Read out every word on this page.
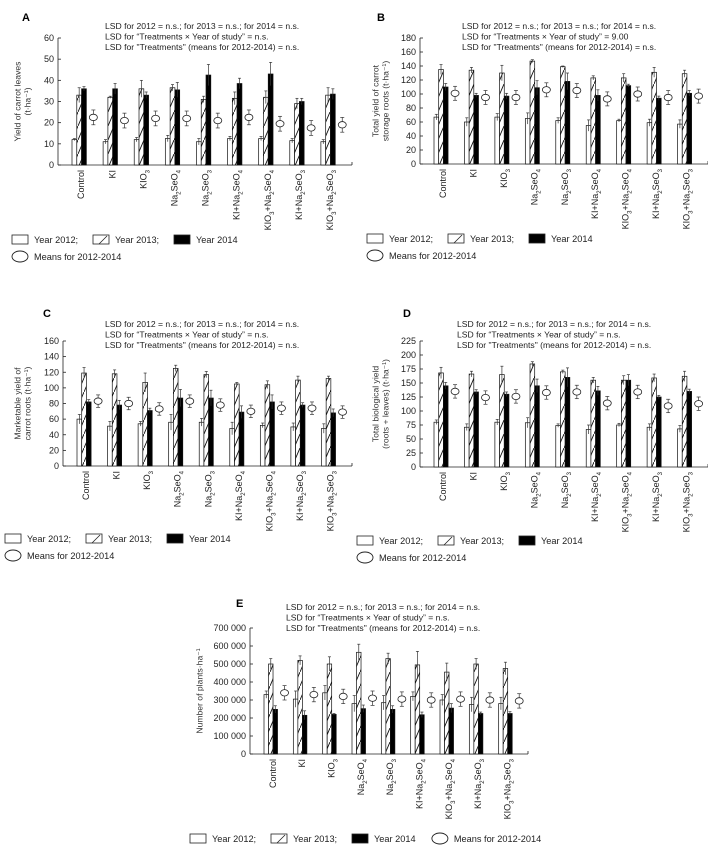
A
LSD for 2012 = n.s.; for 2013 = n.s.; for 2014 = n.s.
LSD for “Treatments × Year of study” = n.s.
LSD for "Treatments" (means for 2012-2014) = n.s.
0
10
20
30
40
50
60
Yield of carrot leaves (t·ha⁻¹)
Control KI $KIO_3$
$Na_2SeO_4$
$Na_2SeO_3$
$KI+Na_2SeO_4$
$KIO_3+Na_2SeO_4$
$KI+Na_2SeO_3$
$KIO_3+Na_2SeO_3$
Year 2012;	Year 2013;	Year 2014
Means for 2012-2014
B
LSD for 2012 = n.s.; for 2013 = n.s.; for 2014 = n.s.
LSD for “Treatments × Year of study” = 9.00
LSD for "Treatments" (means for 2012-2014) = n.s.
0
20
40
60
80
100
120
140
160
180
Total yield of carrot storage roots (t·ha⁻¹)
Control KI $KIO_3$
$Na_2SeO_4$
$Na_2SeO_3$
$KI+Na_2SeO_4$
$KIO_3+Na_2SeO_4$
$KI+Na_2SeO_3$
$KIO_3+Na_2SeO_3$
Year 2012;	Year 2013;	Year 2014
Means for 2012-2014
C
LSD for 2012 = n.s.; for 2013 = n.s.; for 2014 = n.s.
LSD for “Treatments × Year of study” = n.s.
LSD for "Treatments" (means for 2012-2014) = n.s.
0
20
40
60
80
100
120
140
160
Marketable yield of carrot roots (t·ha⁻¹)
Control KI $KIO_3$
$Na_2SeO_4$
$Na_2SeO_3$
$KI+Na_2SeO_4$
$KIO_3+Na_2SeO_4$
$KI+Na_2SeO_3$
$KIO_3+Na_2SeO_3$
Year 2012;	Year 2013;	Year 2014
Means for 2012-2014
D
LSD for 2012 = n.s.; for 2013 = n.s.; for 2014 = n.s.
LSD for “Treatments × Year of study” = n.s.
LSD for "Treatments" (means for 2012-2014) = n.s.
0
25
50
75
100
125
150
175
200
225
Total biological yield (roots + leaves) (t·ha⁻¹)
Control KI $KIO_3$
$Na_2SeO_4$
$Na_2SeO_3$
$KI+Na_2SeO_4$
$KIO_3+Na_2SeO_4$
$KI+Na_2SeO_3$
$KIO_3+Na_2SeO_3$
Year 2012;	Year 2013;	Year 2014
Means for 2012-2014
E	LSD for 2012 = n.s.; for 2013 = n.s.; for 2014 = n.s.
LSD for “Treatments × Year of study” = n.s.
LSD for "Treatments" (means for 2012-2014) = n.s.
0
100 000
200 000
300 000
400 000
500 000
600 000
700 000
Number of plants·ha⁻¹
Control KI $KIO_3$
$Na_2SeO_4$
$Na_2SeO_3$
$KI+Na_2SeO_4$
$KIO_3+Na_2SeO_4$
$KI+Na_2SeO_3$
$KIO_3+Na_2SeO_3$
Year 2012;	Year 2013;	Year 2014	Means for 2012-2014
